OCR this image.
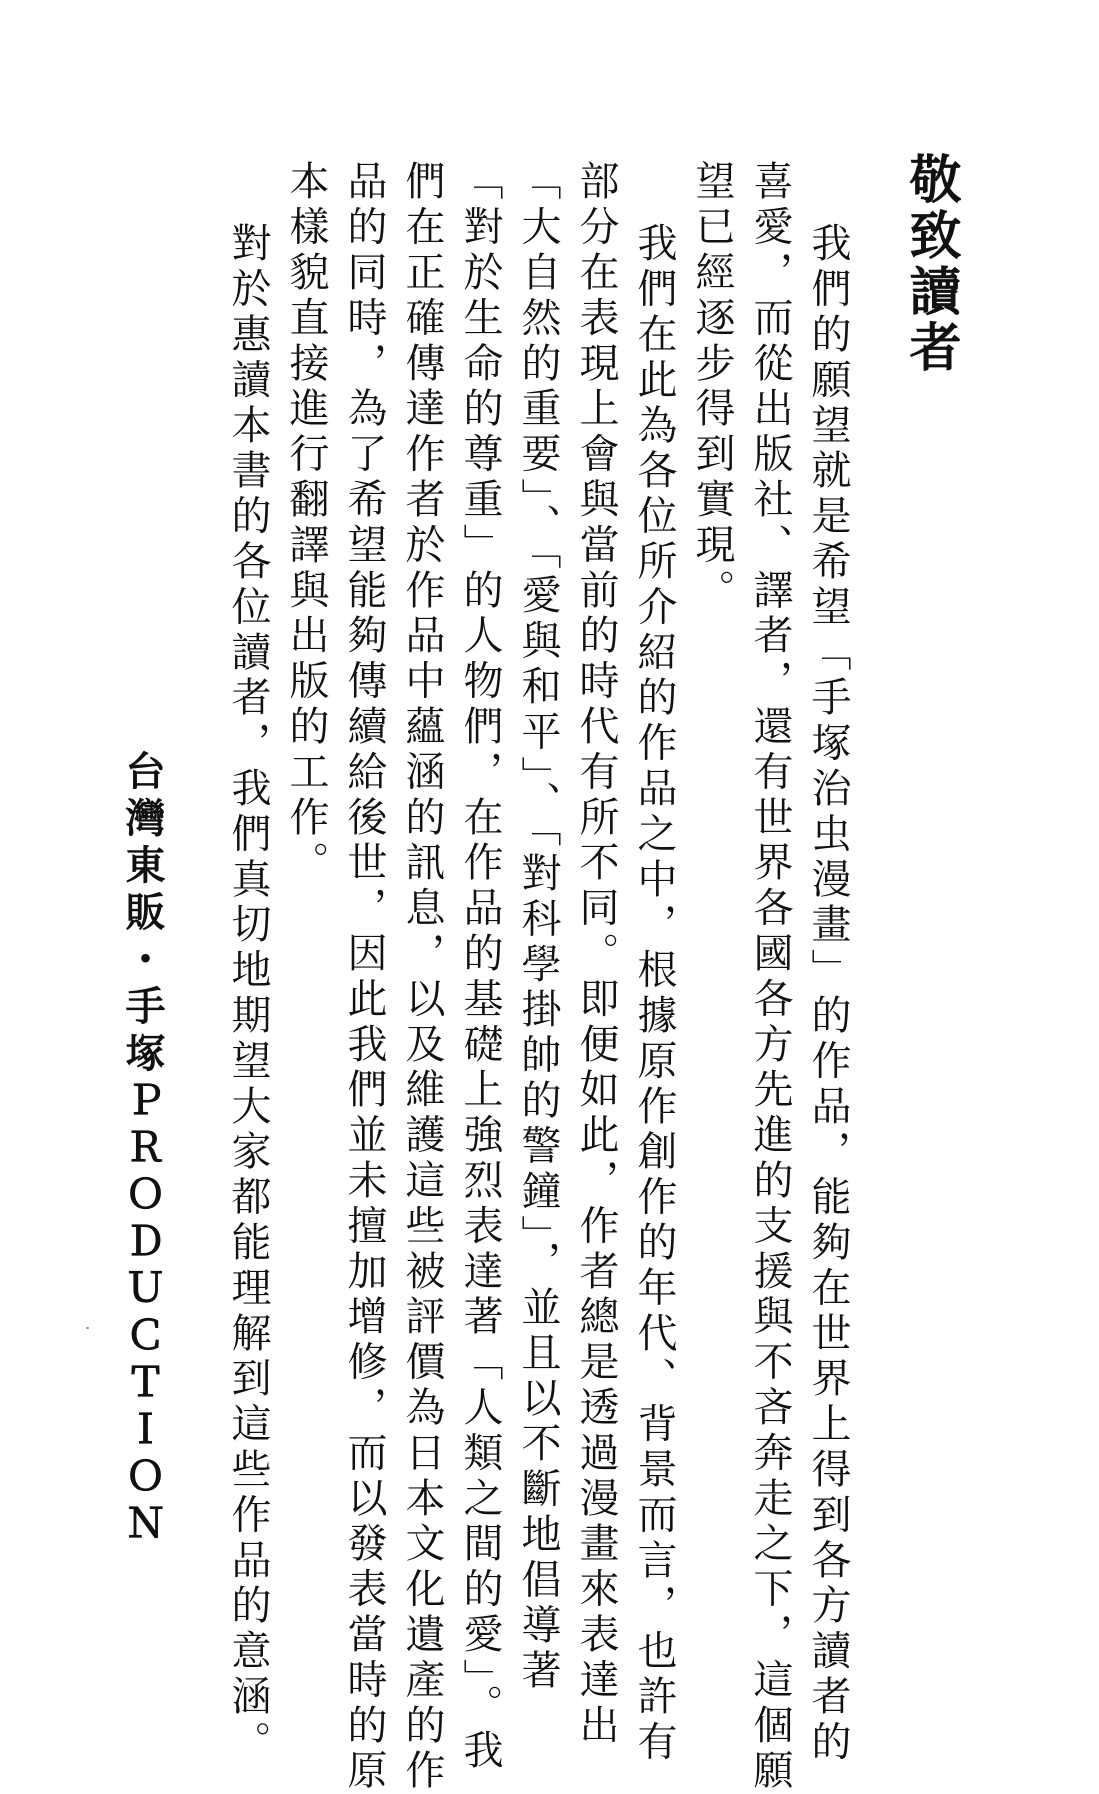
敬致讀者
我們的願望就是希望「手塚治虫漫畫」的作品，能夠在世界上得到各方讀者的
喜愛，而從出版社、譯者，還有世界各國各方先進的支援與不吝奔走之下，這個願
望已經逐步得到實現。
我們在此為各位所介紹的作品之中，根據原作創作的年代、背景而言，也許有
部分在表現上會與當前的時代有所不同。即便如此，作者總是透過漫畫來表達出
「大自然的重要」、「愛與和平」、「對科學掛帥的警鐘」，並且以不斷地倡導著
「對於生命的尊重」的人物們，在作品的基礎上強烈表達著「人類之間的愛」。我
們在正確傳達作者於作品中蘊涵的訊息，以及維護這些被評價為日本文化遺產的作
品的同時，為了希望能夠傳續給後世，因此我們並未擅加增修，而以發表當時的原
本樣貌直接進行翻譯與出版的工作。
對於惠讀本書的各位讀者，我們真切地期望大家都能理解到這些作品的意涵。
台灣東販・手塚ＰＲＯＤＵＣＴＩＯＮ
